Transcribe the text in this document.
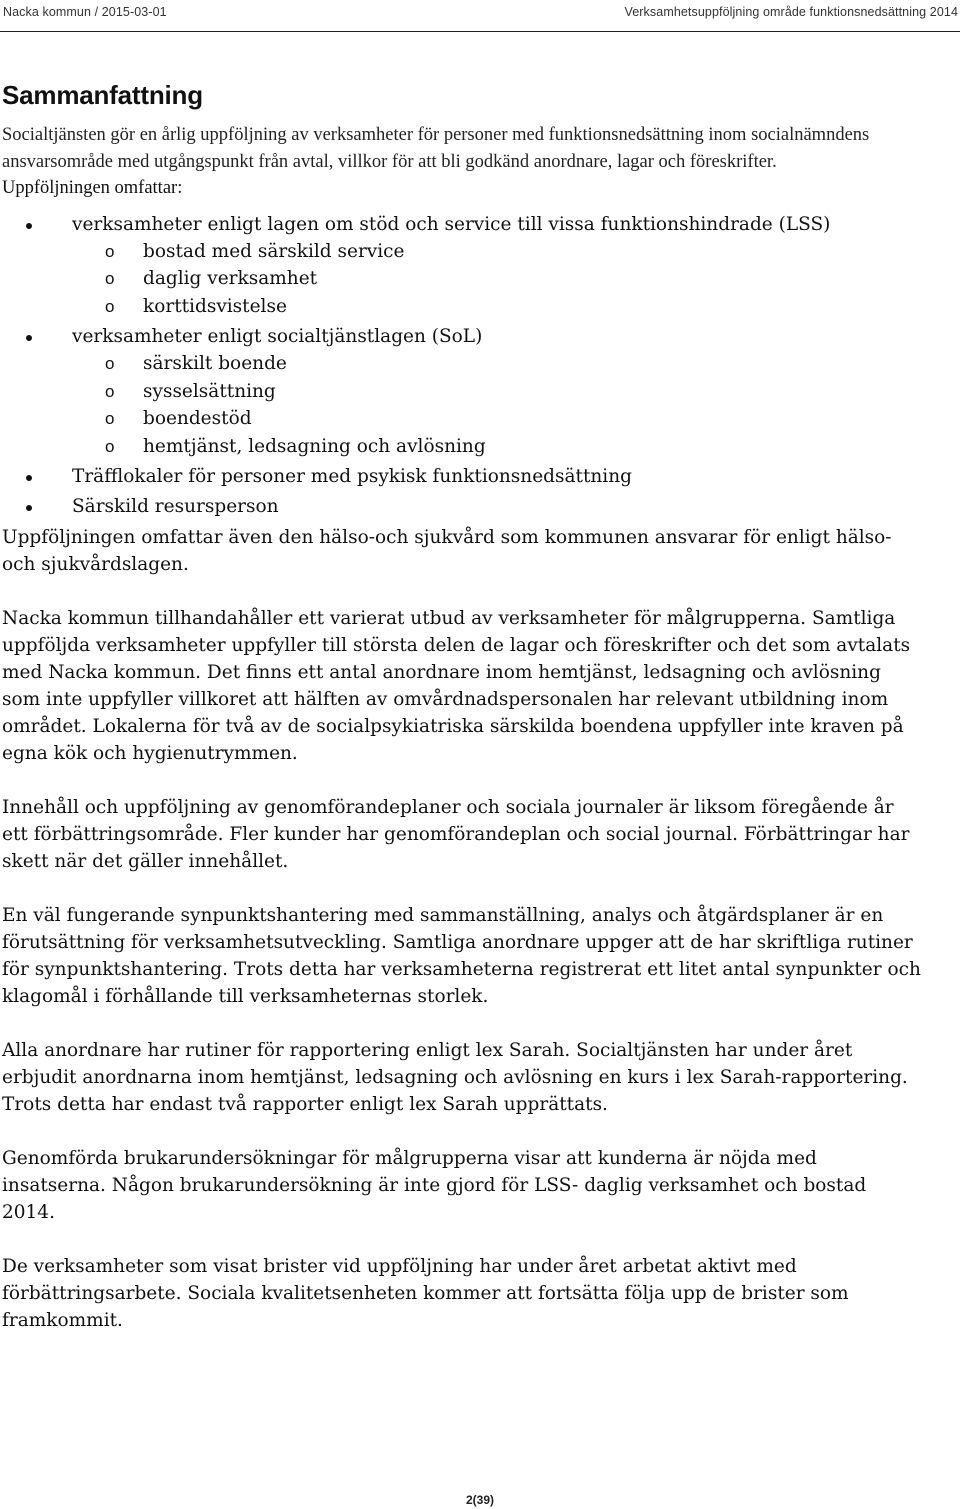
Nacka kommun / 2015-03-01	Verksamhetsuppföljning område funktionsnedsättning 2014
Sammanfattning

Socialtjänsten gör en årlig uppföljning av verksamheter för personer med funktionsnedsättning inom socialnämndens ansvarsområde med utgångspunkt från avtal, villkor för att bli godkänd anordnare, lagar och föreskrifter.

Uppföljningen omfattar:

verksamheter enligt lagen om stöd och service till vissa funktionshindrade (LSS)
o bostad med särskild service
o daglig verksamhet
o korttidsvistelse
verksamheter enligt socialtjänstlagen (SoL)
o särskilt boende
o sysselsättning
o boendestöd
o hemtjänst, ledsagning och avlösning
Träfflokaler för personer med psykisk funktionsnedsättning
Särskild resursperson

Uppföljningen omfattar även den hälso-och sjukvård som kommunen ansvarar för enligt hälso-och sjukvårdslagen.

Nacka kommun tillhandahåller ett varierat utbud av verksamheter för målgrupperna. Samtliga uppföljda verksamheter uppfyller till största delen de lagar och föreskrifter och det som avtalats med Nacka kommun. Det finns ett antal anordnare inom hemtjänst, ledsagning och avlösning som inte uppfyller villkoret att hälften av omvårdnadspersonalen har relevant utbildning inom området. Lokalerna för två av de socialpsykiatriska särskilda boendena uppfyller inte kraven på egna kök och hygienutrymmen.

Innehåll och uppföljning av genomförandeplaner och sociala journaler är liksom föregående år ett förbättringsområde. Fler kunder har genomförandeplan och social journal. Förbättringar har skett när det gäller innehållet.

En väl fungerande synpunktshantering med sammanställning, analys och åtgärdsplaner är en förutsättning för verksamhetsutveckling. Samtliga anordnare uppger att de har skriftliga rutiner för synpunktshantering. Trots detta har verksamheterna registrerat ett litet antal synpunkter och klagomål i förhållande till verksamheternas storlek.

Alla anordnare har rutiner för rapportering enligt lex Sarah. Socialtjänsten har under året erbjudit anordnarna inom hemtjänst, ledsagning och avlösning en kurs i lex Sarah-rapportering. Trots detta har endast två rapporter enligt lex Sarah upprättats.

Genomförda brukarundersökningar för målgrupperna visar att kunderna är nöjda med insatserna. Någon brukarundersökning är inte gjord för LSS- daglig verksamhet och bostad 2014.

De verksamheter som visat brister vid uppföljning har under året arbetat aktivt med förbättringsarbete. Sociala kvalitetsenheten kommer att fortsätta följa upp de brister som framkommit.

2(39)
